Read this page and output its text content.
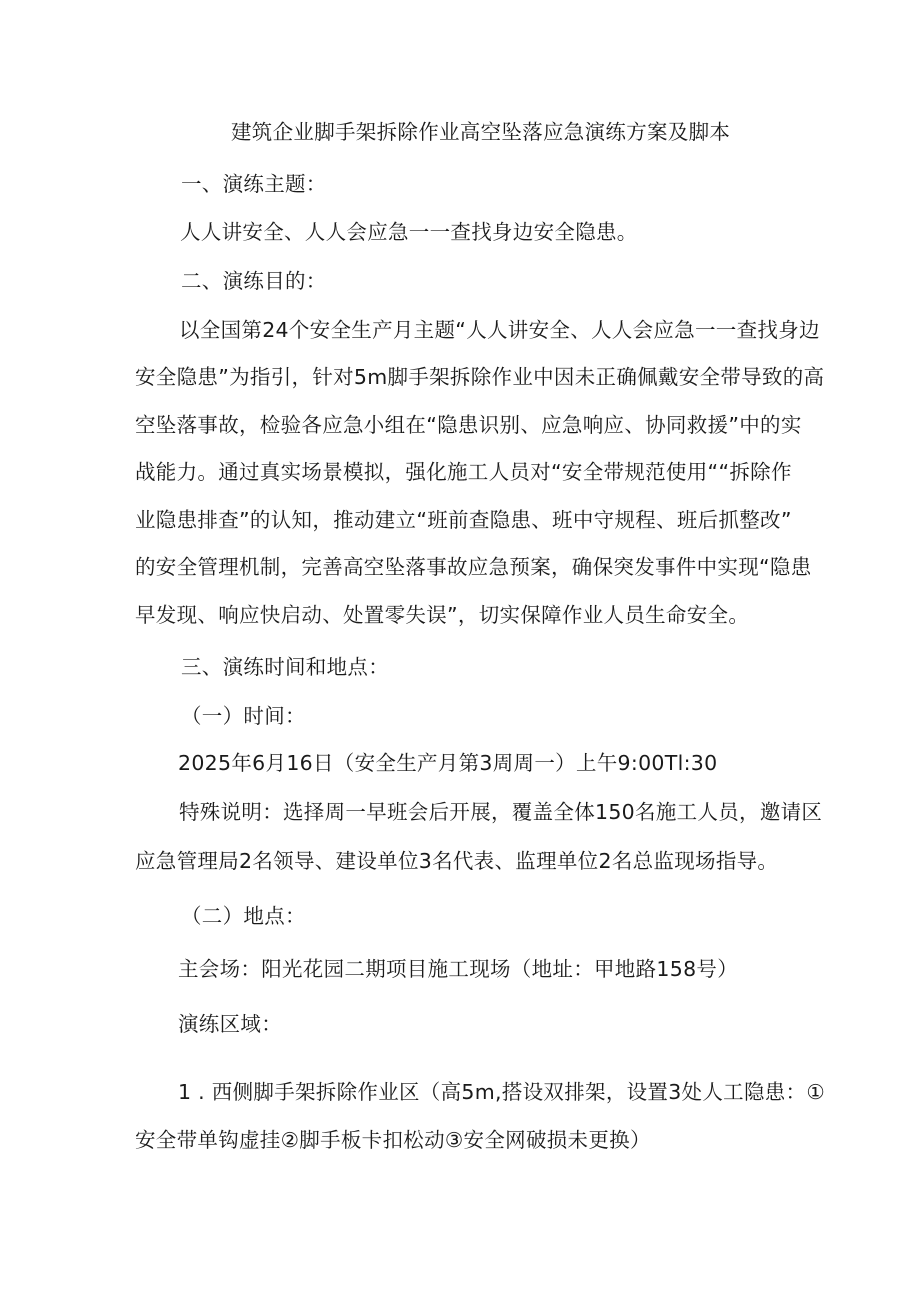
建筑企业脚手架拆除作业高空坠落应急演练方案及脚本
一、演练主题：
人人讲安全、人人会应急一一查找身边安全隐患。
二、演练目的：
以全国第24个安全生产月主题“人人讲安全、人人会应急一一查找身边
安全隐患”为指引，针对5m脚手架拆除作业中因未正确佩戴安全带导致的高
空坠落事故，检验各应急小组在“隐患识别、应急响应、协同救援”中的实
战能力。通过真实场景模拟，强化施工人员对“安全带规范使用““拆除作
业隐患排查”的认知，推动建立“班前查隐患、班中守规程、班后抓整改”
的安全管理机制，完善高空坠落事故应急预案，确保突发事件中实现“隐患
早发现、响应快启动、处置零失误”，切实保障作业人员生命安全。
三、演练时间和地点：
（一）时间：
2025年6月16日（安全生产月第3周周一）上午9:00Tl:30
特殊说明：选择周一早班会后开展，覆盖全体150名施工人员，邀请区
应急管理局2名领导、建设单位3名代表、监理单位2名总监现场指导。
（二）地点：
主会场：阳光花园二期项目施工现场（地址：甲地路158号）
演练区域：
1 . 西侧脚手架拆除作业区（高5m,搭设双排架，设置3处人工隐患：①
安全带单钩虚挂②脚手板卡扣松动③安全网破损未更换）
